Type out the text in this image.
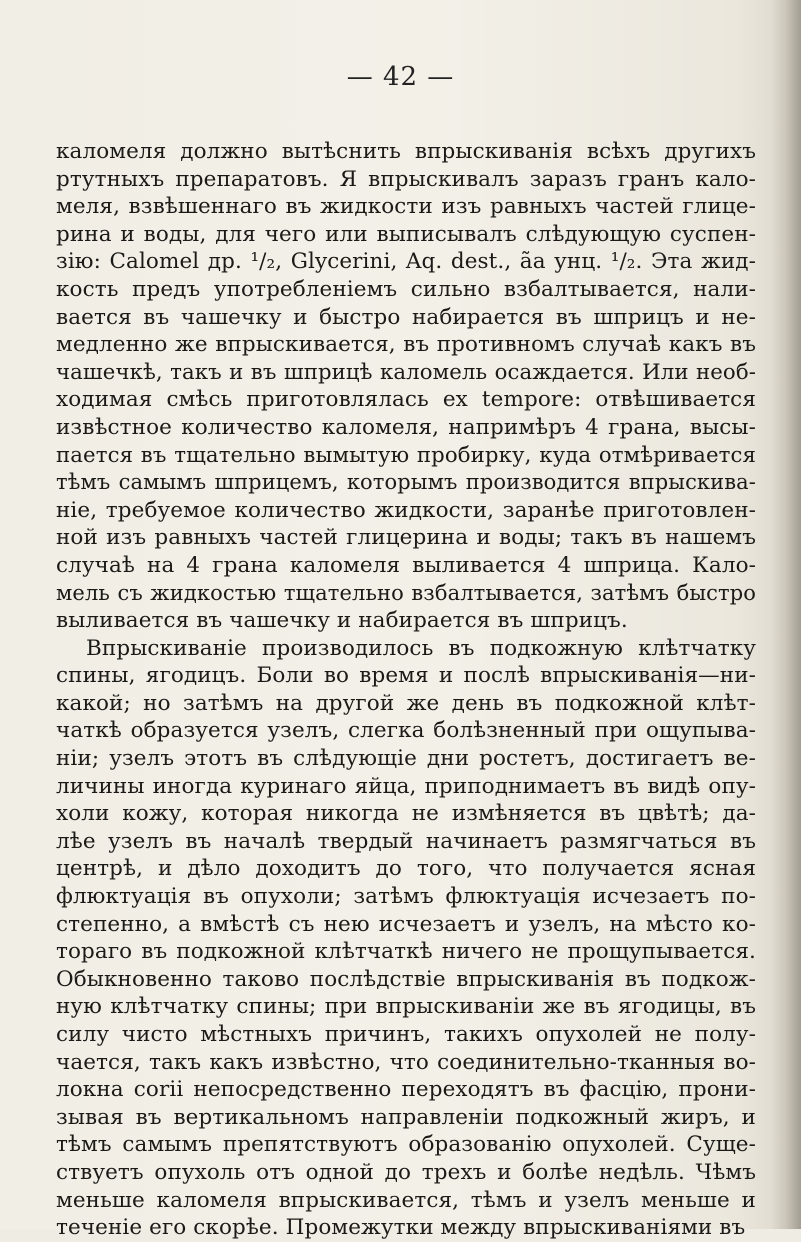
— 42 —
каломеля должно вытѣснить впрыскиванія всѣхъ другихъ
ртутныхъ препаратовъ. Я впрыскивалъ заразъ гранъ кало-
меля, взвѣшеннаго въ жидкости изъ равныхъ частей глице-
рина и воды, для чего или выписывалъ слѣдующую суспен-
зію: Calomel др. ¹/₂, Glycerini, Aq. dest., ãa унц. ¹/₂. Эта жид-
кость предъ употребленіемъ сильно взбалтывается, нали-
вается въ чашечку и быстро набирается въ шприцъ и не-
медленно же впрыскивается, въ противномъ случаѣ какъ въ
чашечкѣ, такъ и въ шприцѣ каломель осаждается. Или необ-
ходимая смѣсь приготовлялась ex tempore: отвѣшивается
извѣстное количество каломеля, напримѣръ 4 грана, высы-
пается въ тщательно вымытую пробирку, куда отмѣривается
тѣмъ самымъ шприцемъ, которымъ производится впрыскива-
ніе, требуемое количество жидкости, заранѣе приготовлен-
ной изъ равныхъ частей глицерина и воды; такъ въ нашемъ
случаѣ на 4 грана каломеля выливается 4 шприца. Кало-
мель съ жидкостью тщательно взбалтывается, затѣмъ быстро
выливается въ чашечку и набирается въ шприцъ.
Впрыскиваніе производилось въ подкожную клѣтчатку
спины, ягодицъ. Боли во время и послѣ впрыскиванія—ни-
какой; но затѣмъ на другой же день въ подкожной клѣт-
чаткѣ образуется узелъ, слегка болѣзненный при ощупыва-
ніи; узелъ этотъ въ слѣдующіе дни ростетъ, достигаетъ ве-
личины иногда куринаго яйца, приподнимаетъ въ видѣ опу-
холи кожу, которая никогда не измѣняется въ цвѣтѣ; да-
лѣе узелъ въ началѣ твердый начинаетъ размягчаться въ
центрѣ, и дѣло доходитъ до того, что получается ясная
флюктуація въ опухоли; затѣмъ флюктуація исчезаетъ по-
степенно, а вмѣстѣ съ нею исчезаетъ и узелъ, на мѣсто ко-
тораго въ подкожной клѣтчаткѣ ничего не прощупывается.
Обыкновенно таково послѣдствіе впрыскиванія въ подкож-
ную клѣтчатку спины; при впрыскиваніи же въ ягодицы, въ
силу чисто мѣстныхъ причинъ, такихъ опухолей не полу-
чается, такъ какъ извѣстно, что соединительно-тканныя во-
локна corii непосредственно переходятъ въ фасцію, прони-
зывая въ вертикальномъ направленіи подкожный жиръ, и
тѣмъ самымъ препятствуютъ образованію опухолей. Сущe-
ствуетъ опухоль отъ одной до трехъ и болѣе недѣль. Чѣмъ
меньше каломеля впрыскивается, тѣмъ и узелъ меньше и
теченіе его скорѣе. Промежутки между впрыскиваніями въ
